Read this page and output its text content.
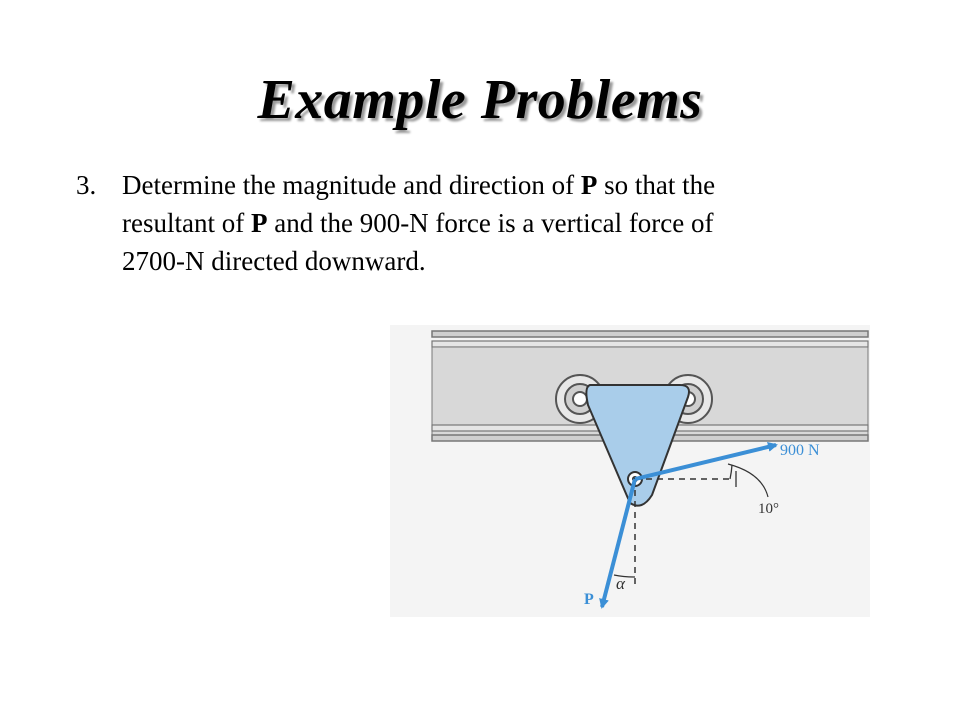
Example Problems
3. Determine the magnitude and direction of P so that the resultant of P and the 900-N force is a vertical force of 2700-N directed downward.
900 N
10°
α
P
